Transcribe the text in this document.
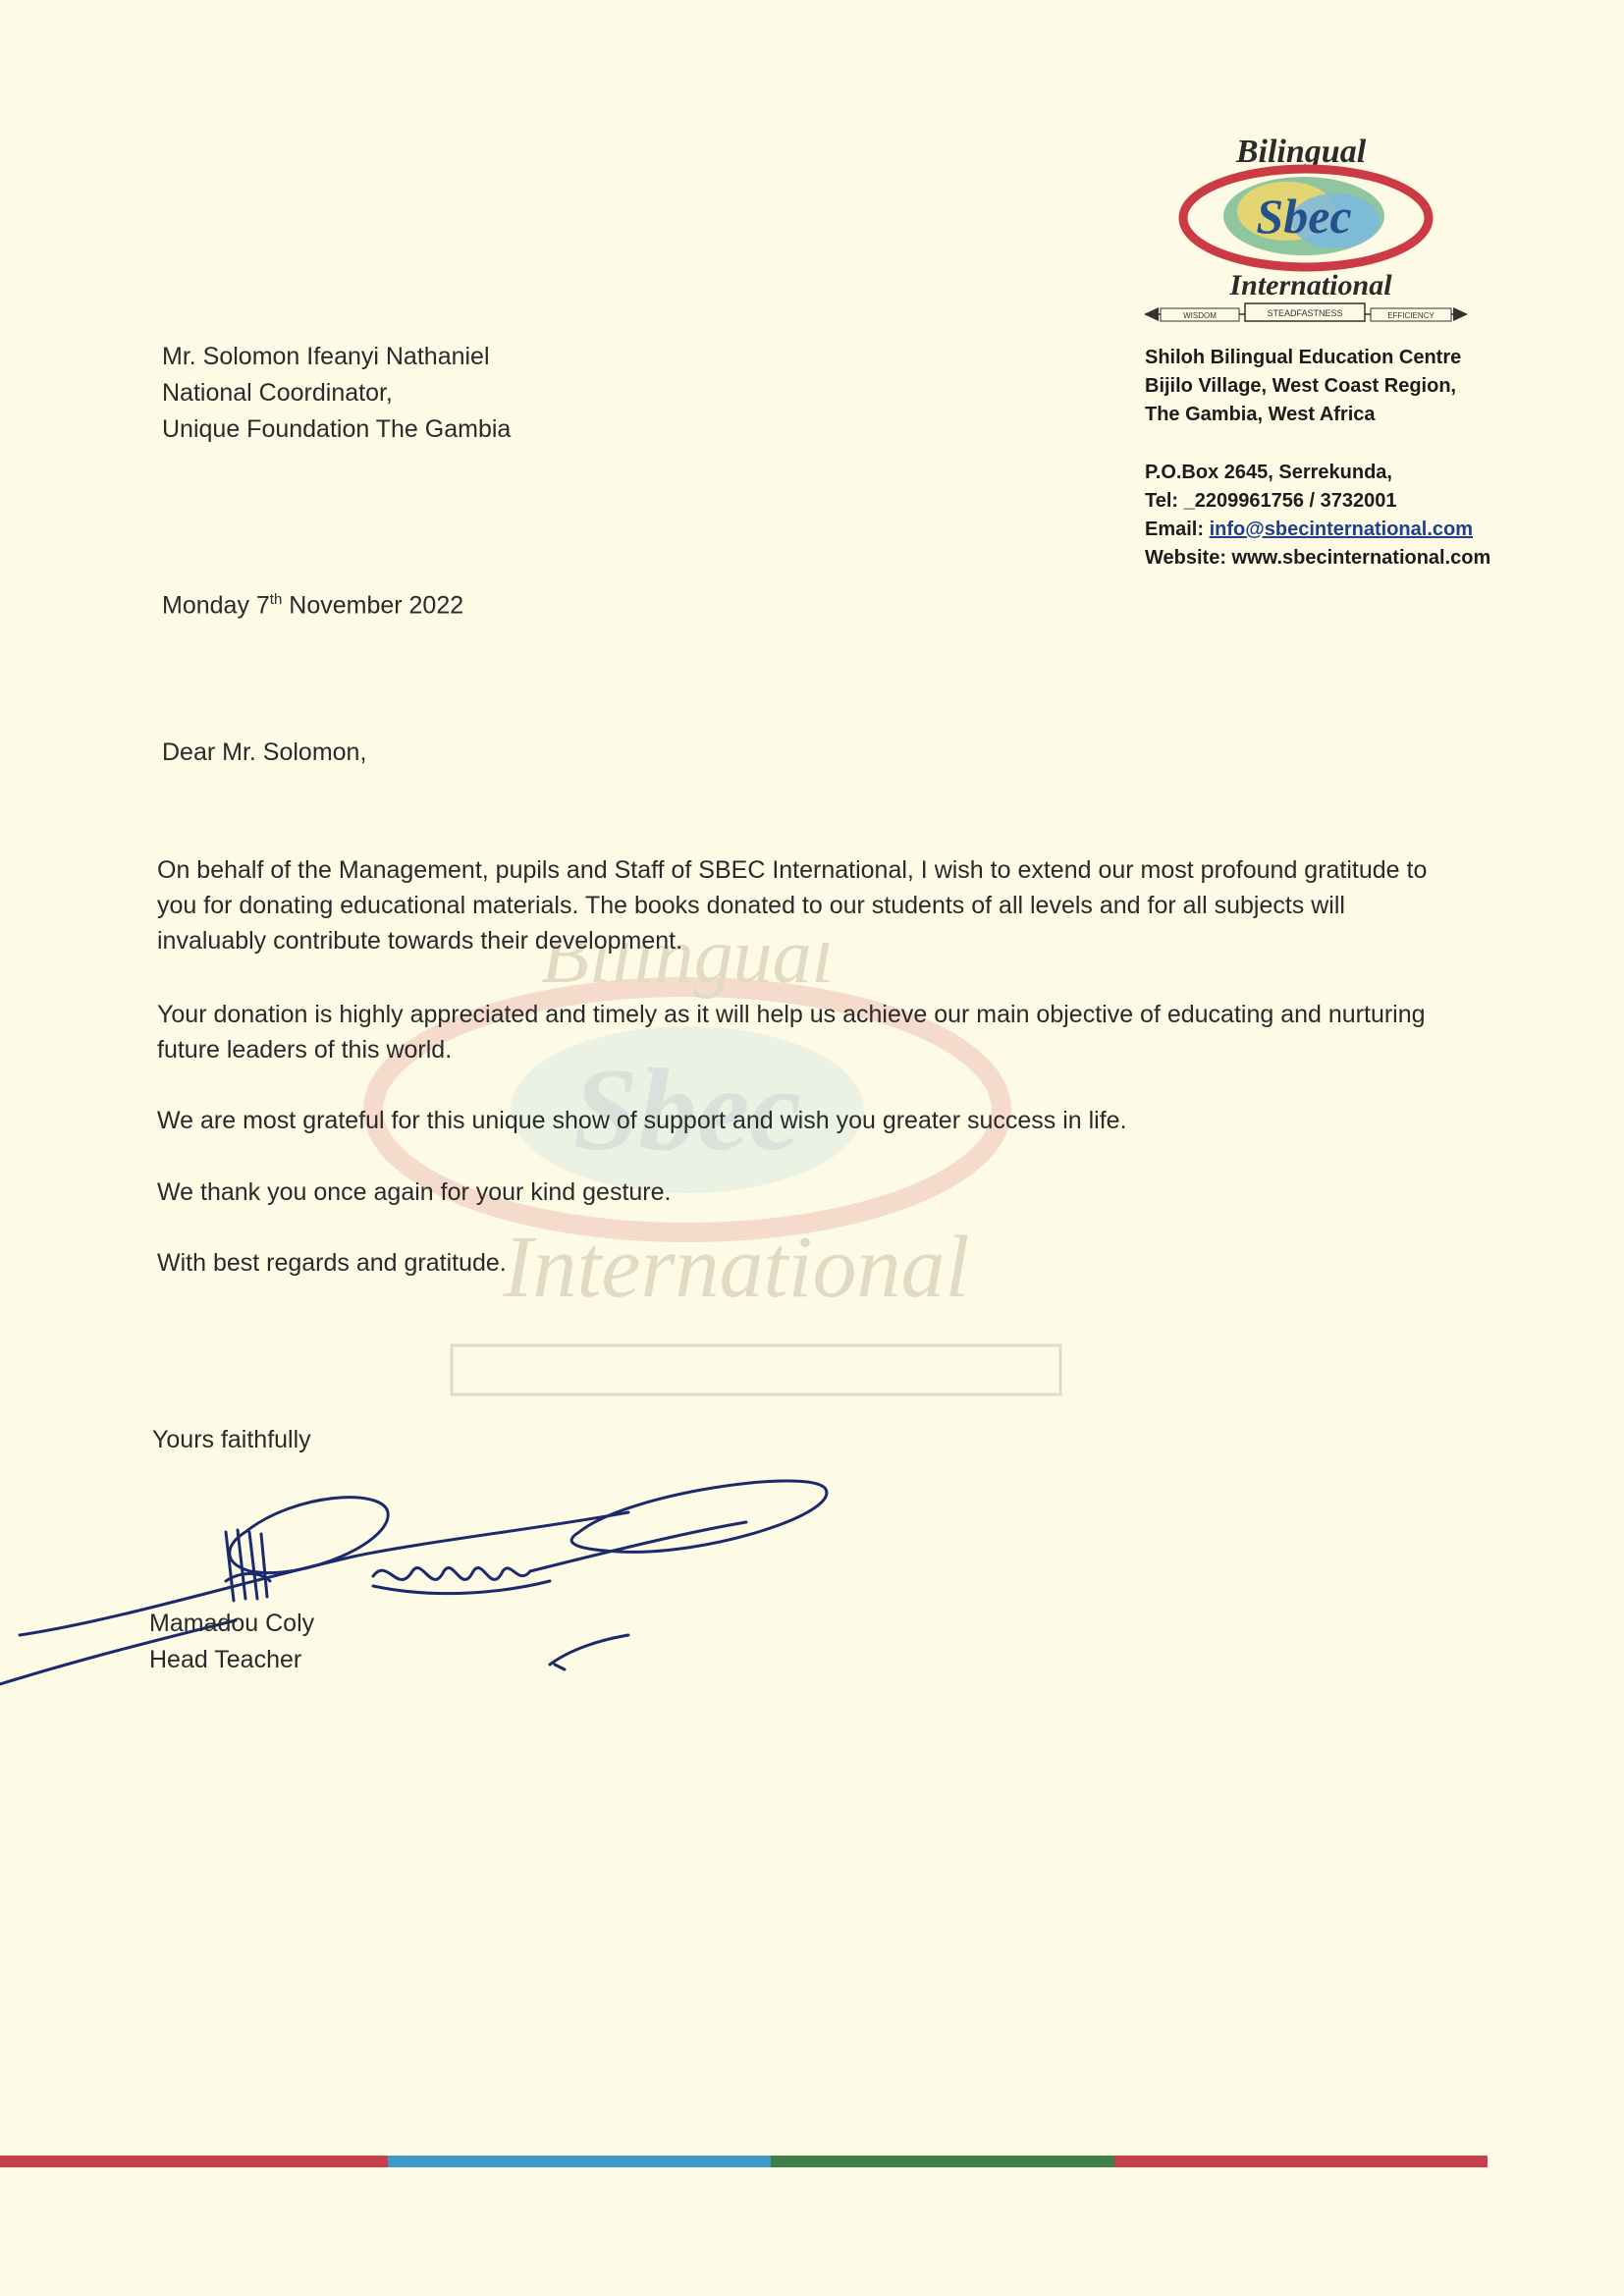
Sbec
Bilingual
International
Bilingual
Sbec
International
WISDOM	STEADFASTNESS	EFFICIENCY
Shiloh Bilingual Education Centre
Bijilo Village, West Coast Region,
The Gambia, West Africa
P.O.Box 2645, Serrekunda,
Tel: _2209961756 / 3732001
Email: info@sbecinternational.com
Website: www.sbecinternational.com
Mr. Solomon Ifeanyi Nathaniel
National Coordinator,
Unique Foundation The Gambia
Monday 7th November 2022
Dear Mr. Solomon,

On behalf of the Management, pupils and Staff of SBEC International, I wish to extend our most profound gratitude to you for donating educational materials. The books donated to our students of all levels and for all subjects will invaluably contribute towards their development.

Your donation is highly appreciated and timely as it will help us achieve our main objective of educating and nurturing future leaders of this world.

We are most grateful for this unique show of support and wish you greater success in life.

We thank you once again for your kind gesture.

With best regards and gratitude.

Yours faithfully
Mamadou Coly
Head Teacher
